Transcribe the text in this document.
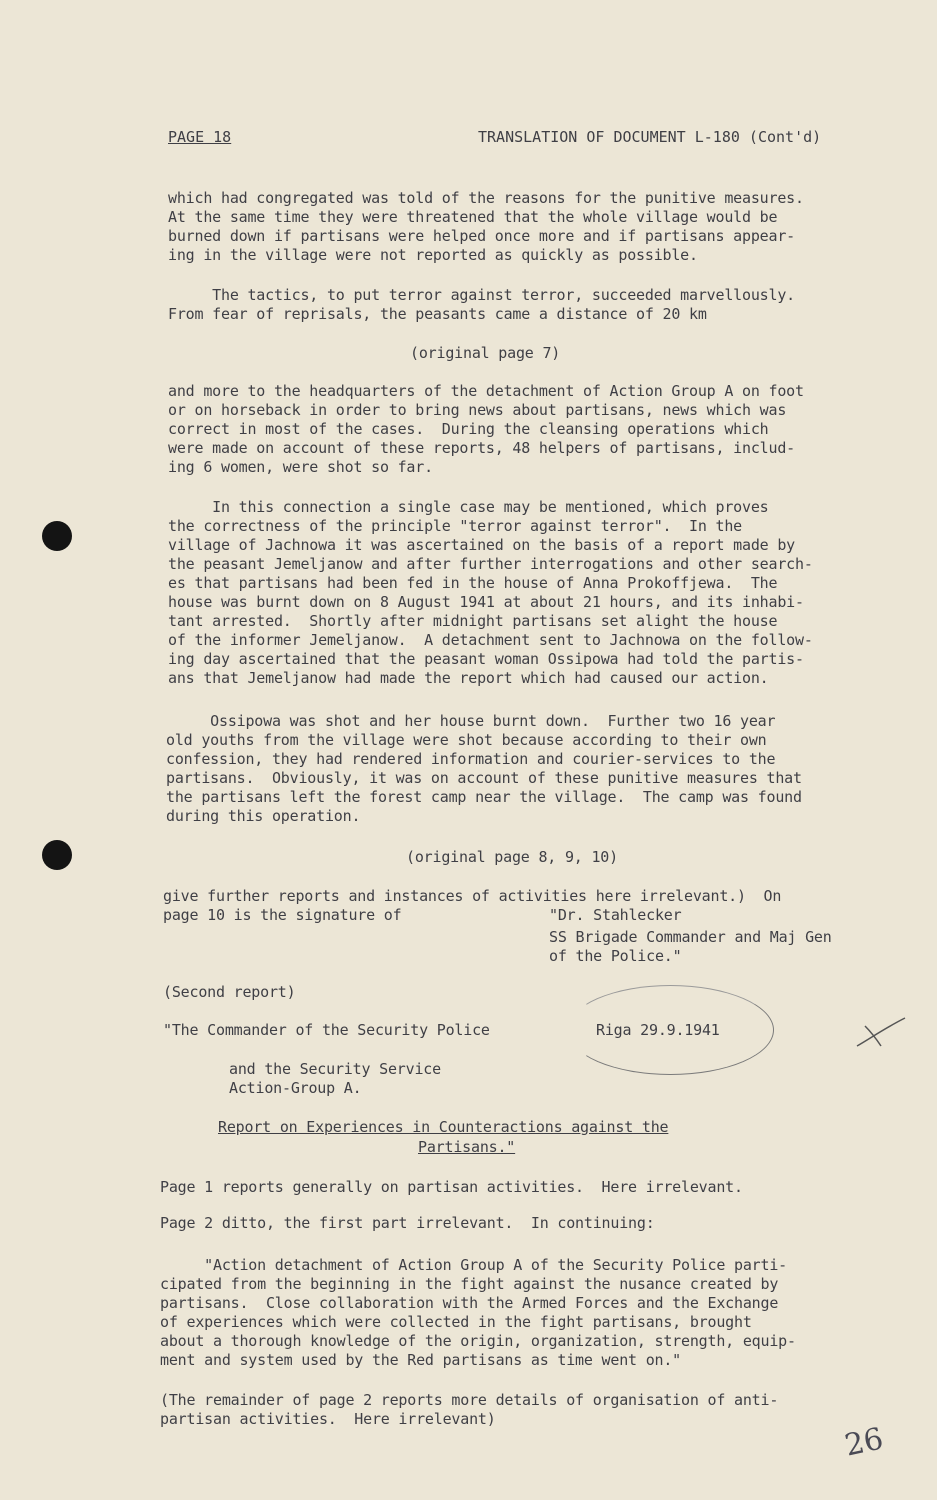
PAGE 18	TRANSLATION OF DOCUMENT L-180 (Cont'd)
which had congregated was told of the reasons for the punitive measures.
At the same time they were threatened that the whole village would be
burned down if partisans were helped once more and if partisans appear-
ing in the village were not reported as quickly as possible.
The tactics, to put terror against terror, succeeded marvellously.
From fear of reprisals, the peasants came a distance of 20 km
(original page 7)
and more to the headquarters of the detachment of Action Group A on foot
or on horseback in order to bring news about partisans, news which was
correct in most of the cases.  During the cleansing operations which
were made on account of these reports, 48 helpers of partisans, includ-
ing 6 women, were shot so far.
In this connection a single case may be mentioned, which proves
the correctness of the principle "terror against terror".  In the
village of Jachnowa it was ascertained on the basis of a report made by
the peasant Jemeljanow and after further interrogations and other search-
es that partisans had been fed in the house of Anna Prokoffjewa.  The
house was burnt down on 8 August 1941 at about 21 hours, and its inhabi-
tant arrested.  Shortly after midnight partisans set alight the house
of the informer Jemeljanow.  A detachment sent to Jachnowa on the follow-
ing day ascertained that the peasant woman Ossipowa had told the partis-
ans that Jemeljanow had made the report which had caused our action.
Ossipowa was shot and her house burnt down.  Further two 16 year
old youths from the village were shot because according to their own
confession, they had rendered information and courier-services to the
partisans.  Obviously, it was on account of these punitive measures that
the partisans left the forest camp near the village.  The camp was found
during this operation.
(original page 8, 9, 10)
give further reports and instances of activities here irrelevant.)  On
page 10 is the signature of	"Dr. Stahlecker
SS Brigade Commander and Maj Gen
of the Police."
(Second report)
"The Commander of the Security Police
and the Security Service
Action-Group A.
Riga 29.9.1941
Report on Experiences in Counteractions against the
Partisans."
Page 1 reports generally on partisan activities.  Here irrelevant.
Page 2 ditto, the first part irrelevant.  In continuing:
"Action detachment of Action Group A of the Security Police parti-
cipated from the beginning in the fight against the nusance created by
partisans.  Close collaboration with the Armed Forces and the Exchange
of experiences which were collected in the fight partisans, brought
about a thorough knowledge of the origin, organization, strength, equip-
ment and system used by the Red partisans as time went on."
(The remainder of page 2 reports more details of organisation of anti-
partisan activities.  Here irrelevant)
26
